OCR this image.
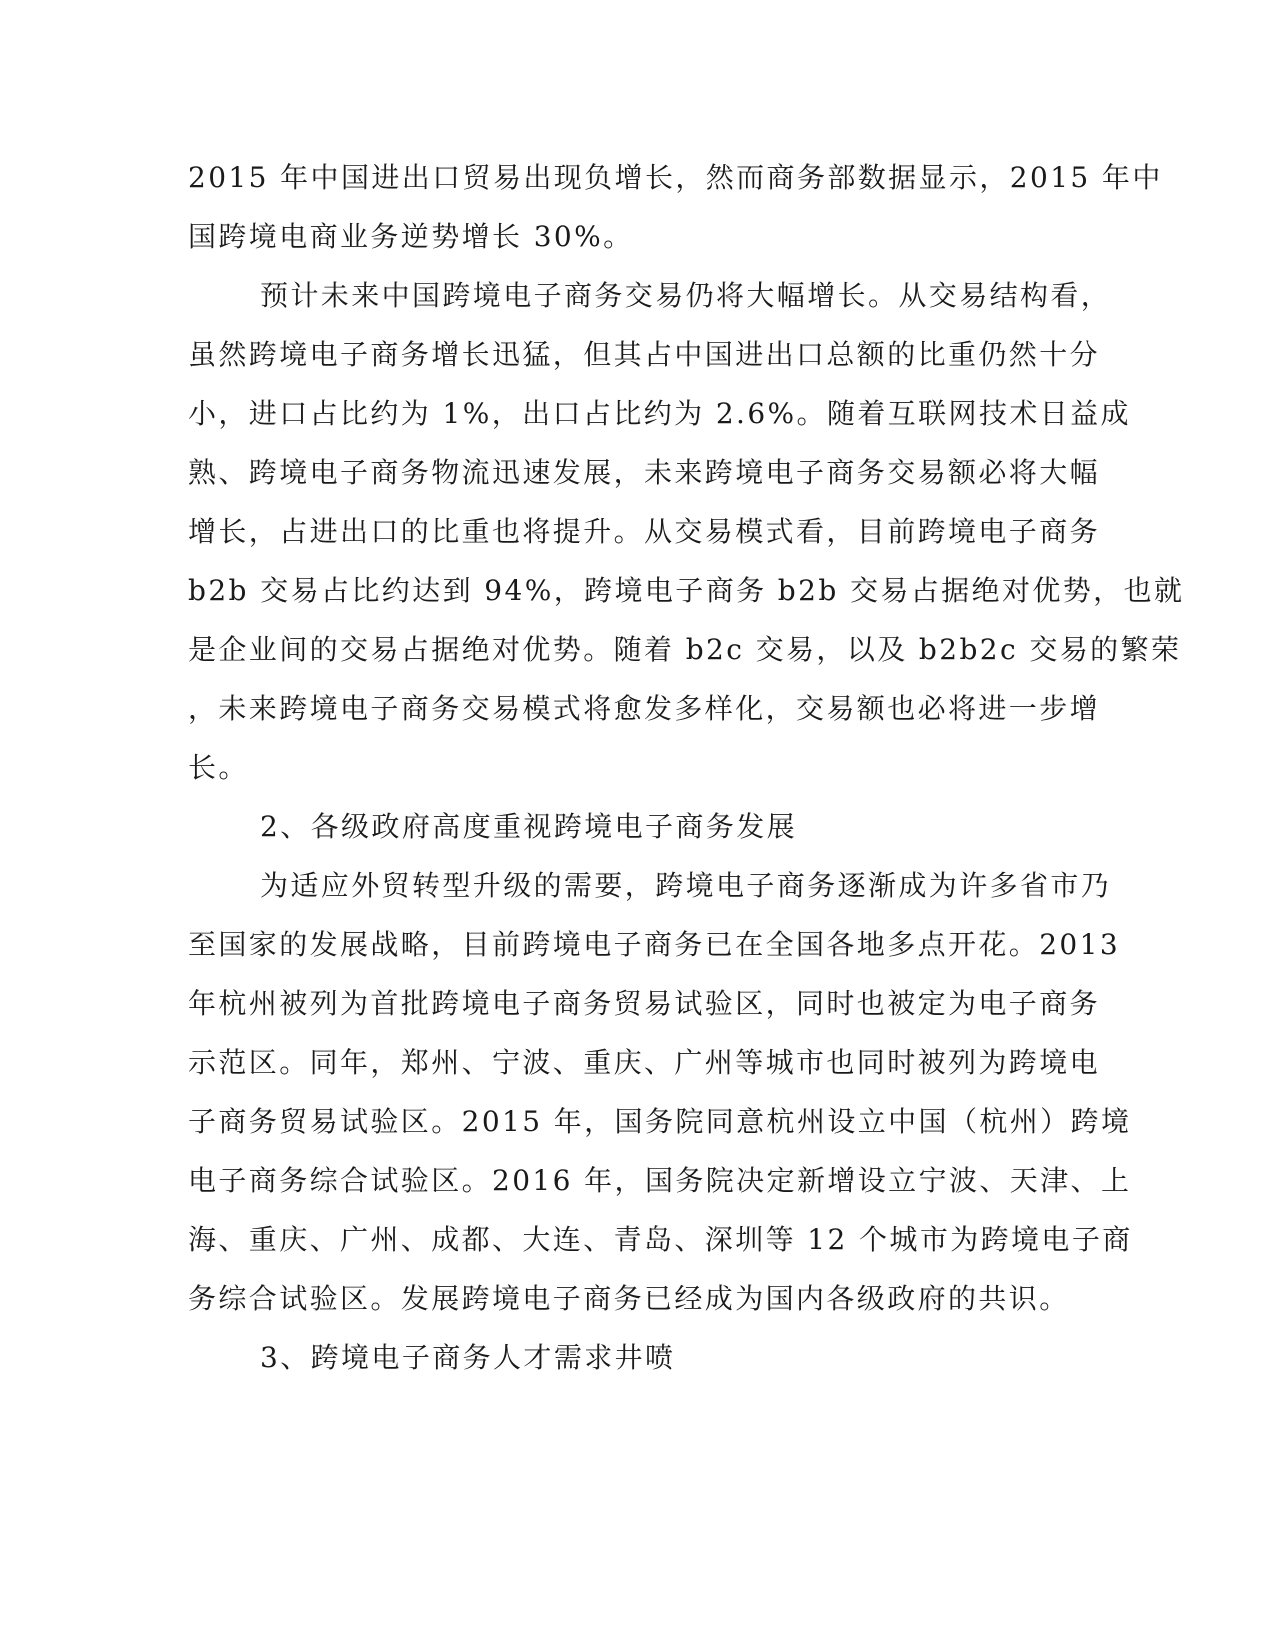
2015 年中国进出口贸易出现负增长，然而商务部数据显示，2015 年中
国跨境电商业务逆势增长 30%。
预计未来中国跨境电子商务交易仍将大幅增长。从交易结构看，
虽然跨境电子商务增长迅猛，但其占中国进出口总额的比重仍然十分
小，进口占比约为 1%，出口占比约为 2.6%。随着互联网技术日益成
熟、跨境电子商务物流迅速发展，未来跨境电子商务交易额必将大幅
增长，占进出口的比重也将提升。从交易模式看，目前跨境电子商务
b2b 交易占比约达到 94%，跨境电子商务 b2b 交易占据绝对优势，也就
是企业间的交易占据绝对优势。随着 b2c 交易，以及 b2b2c 交易的繁荣
，未来跨境电子商务交易模式将愈发多样化，交易额也必将进一步增
长。
2、各级政府高度重视跨境电子商务发展
为适应外贸转型升级的需要，跨境电子商务逐渐成为许多省市乃
至国家的发展战略，目前跨境电子商务已在全国各地多点开花。2013
年杭州被列为首批跨境电子商务贸易试验区，同时也被定为电子商务
示范区。同年，郑州、宁波、重庆、广州等城市也同时被列为跨境电
子商务贸易试验区。2015 年，国务院同意杭州设立中国（杭州）跨境
电子商务综合试验区。2016 年，国务院决定新增设立宁波、天津、上
海、重庆、广州、成都、大连、青岛、深圳等 12 个城市为跨境电子商
务综合试验区。发展跨境电子商务已经成为国内各级政府的共识。
3、跨境电子商务人才需求井喷
